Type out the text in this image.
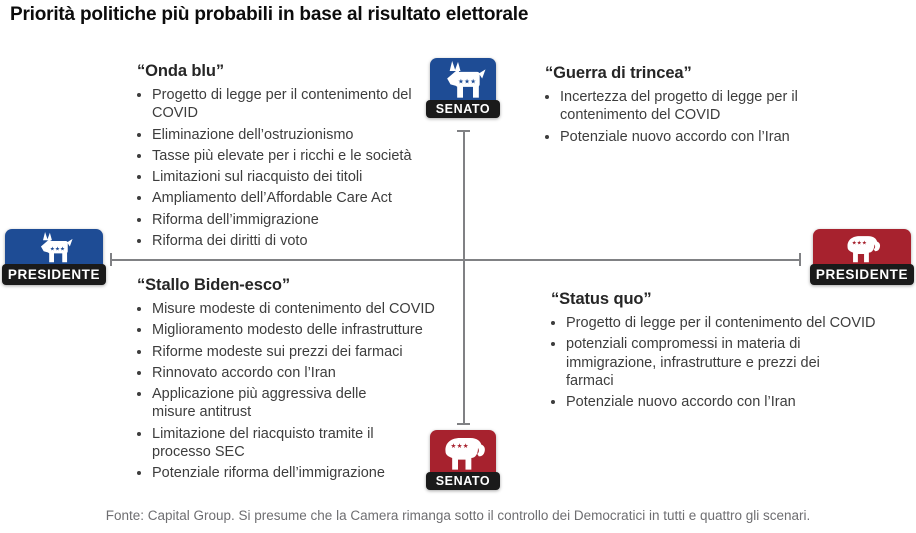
Priorità politiche più probabili in base al risultato elettorale
★ ★ ★
SENATO
★ ★ ★
SENATO
★ ★ ★
PRESIDENTE
★ ★ ★
PRESIDENTE
“Onda blu”
• Progetto di legge per il contenimento del COVID
• Eliminazione dell’ostruzionismo
• Tasse più elevate per i ricchi e le società
• Limitazioni sul riacquisto dei titoli
• Ampliamento dell’Affordable Care Act
• Riforma dell’immigrazione
• Riforma dei diritti di voto
“Guerra di trincea”
• Incertezza del progetto di legge per il contenimento del COVID
• Potenziale nuovo accordo con l’Iran
“Stallo Biden-esco”
• Misure modeste di contenimento del COVID
• Miglioramento modesto delle infrastrutture
• Riforme modeste sui prezzi dei farmaci
• Rinnovato accordo con l’Iran
• Applicazione più aggressiva delle misure antitrust
• Limitazione del riacquisto tramite il processo SEC
• Potenziale riforma dell’immigrazione
“Status quo”
• Progetto di legge per il contenimento del COVID
• potenziali compromessi in materia di immigrazione, infrastrutture e prezzi dei farmaci
• Potenziale nuovo accordo con l’Iran
Fonte: Capital Group. Si presume che la Camera rimanga sotto il controllo dei Democratici in tutti e quattro gli scenari.
